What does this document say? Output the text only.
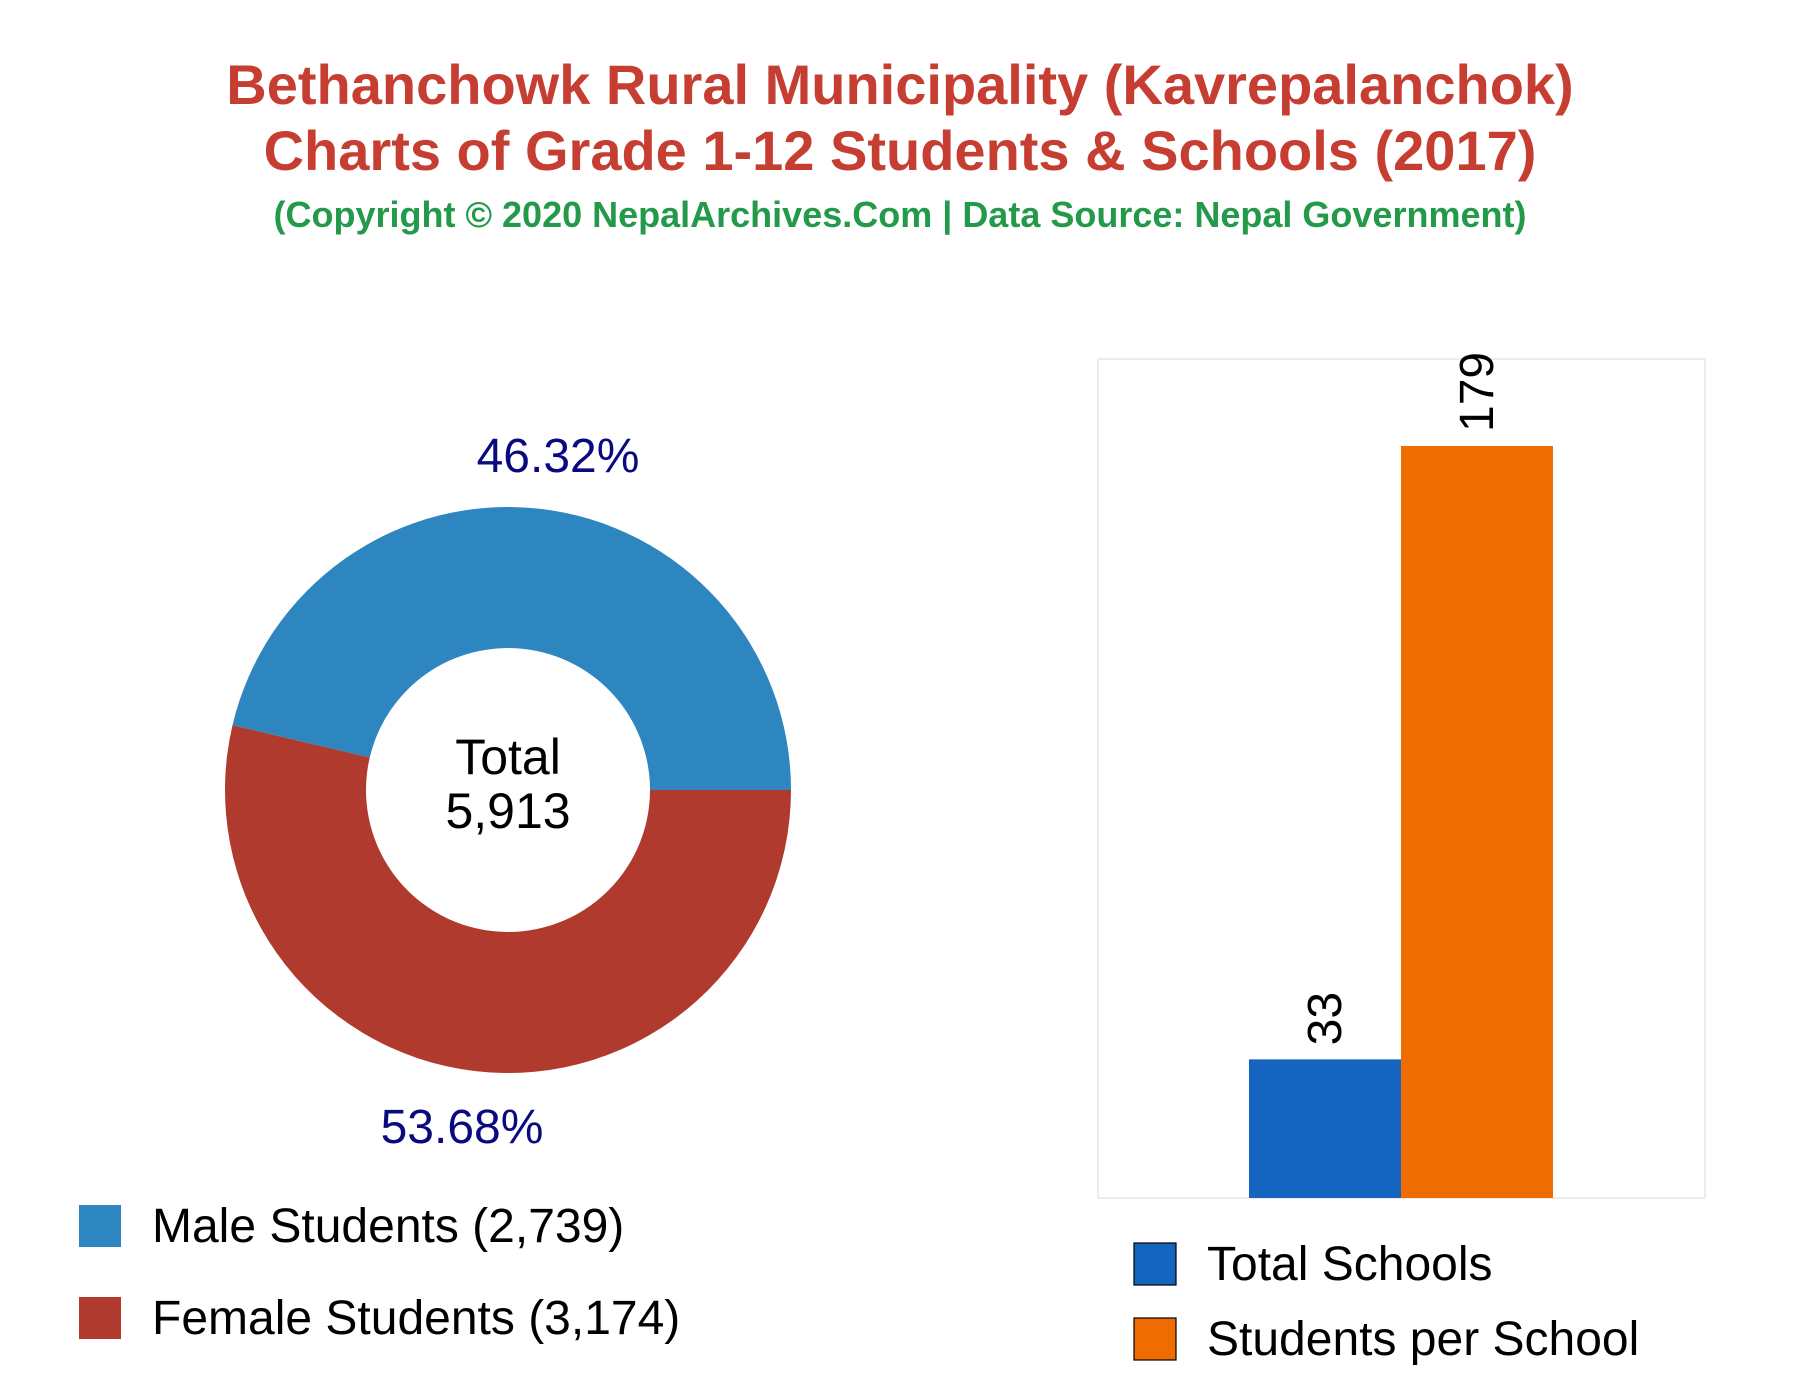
Bethanchowk Rural Municipality (Kavrepalanchok)
Charts of Grade 1-12 Students & Schools (2017)
(Copyright © 2020 NepalArchives.Com | Data Source: Nepal Government)
46.32%
53.68%
Total
5,913
Male Students (2,739)
Female Students (3,174)
33
179
Total Schools
Students per School
